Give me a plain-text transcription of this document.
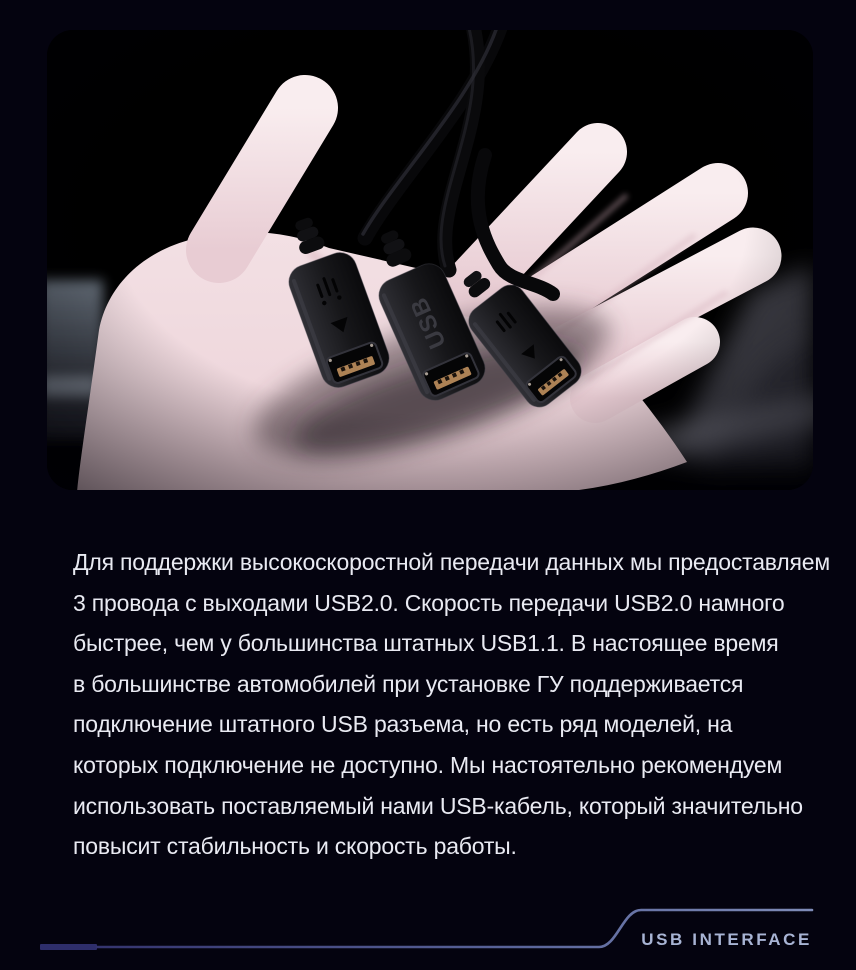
Для поддержки высокоскоростной передачи данных мы предоставляем
3 провода с выходами USB2.0. Скорость передачи USB2.0 намного
быстрее, чем у большинства штатных USB1.1. В настоящее время
в большинстве автомобилей при установке ГУ поддерживается
подключение штатного USB разъема, но есть ряд моделей, на
которых подключение не доступно. Мы настоятельно рекомендуем
использовать поставляемый нами USB-кабель, который значительно
повысит стабильность и скорость работы.
USB INTERFACE
